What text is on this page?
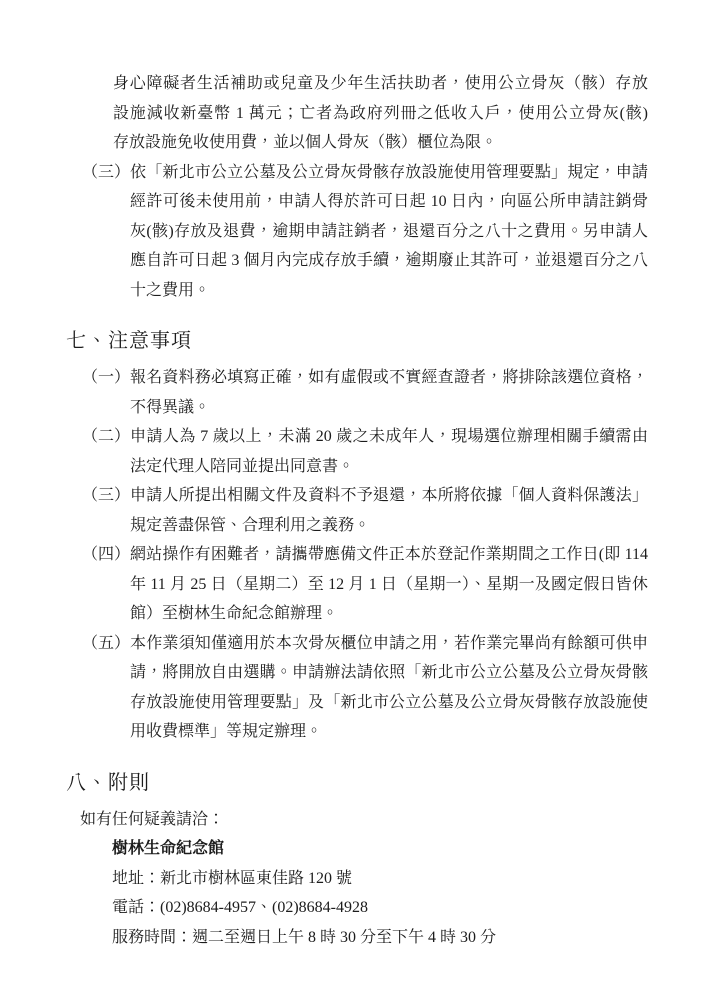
身心障礙者生活補助或兒童及少年生活扶助者，使用公立骨灰（骸）存放
設施減收新臺幣 1 萬元；亡者為政府列冊之低收入戶，使用公立骨灰(骸)
存放設施免收使用費，並以個人骨灰（骸）櫃位為限。
（三） 依「新北市公立公墓及公立骨灰骨骸存放設施使用管理要點」規定，申請
經許可後未使用前，申請人得於許可日起 10 日內，向區公所申請註銷骨
灰(骸)存放及退費，逾期申請註銷者，退還百分之八十之費用。另申請人
應自許可日起 3 個月內完成存放手續，逾期廢止其許可，並退還百分之八
十之費用。
七、注意事項
（一） 報名資料務必填寫正確，如有虛假或不實經查證者，將排除該選位資格，
不得異議。
（二） 申請人為 7 歲以上，未滿 20 歲之未成年人，現場選位辦理相關手續需由
法定代理人陪同並提出同意書。
（三） 申請人所提出相關文件及資料不予退還，本所將依據「個人資料保護法」
規定善盡保管、合理利用之義務。
（四） 網站操作有困難者，請攜帶應備文件正本於登記作業期間之工作日(即 114
年 11 月 25 日（星期二）至 12 月 1 日（星期一）、星期一及國定假日皆休
館）至樹林生命紀念館辦理。
（五） 本作業須知僅適用於本次骨灰櫃位申請之用，若作業完畢尚有餘額可供申
請，將開放自由選購。申請辦法請依照「新北市公立公墓及公立骨灰骨骸
存放設施使用管理要點」及「新北市公立公墓及公立骨灰骨骸存放設施使
用收費標準」等規定辦理。
八、附則
如有任何疑義請洽：
樹林生命紀念館
地址：新北市樹林區東佳路 120 號
電話：(02)8684-4957、(02)8684-4928
服務時間：週二至週日上午 8 時 30 分至下午 4 時 30 分
